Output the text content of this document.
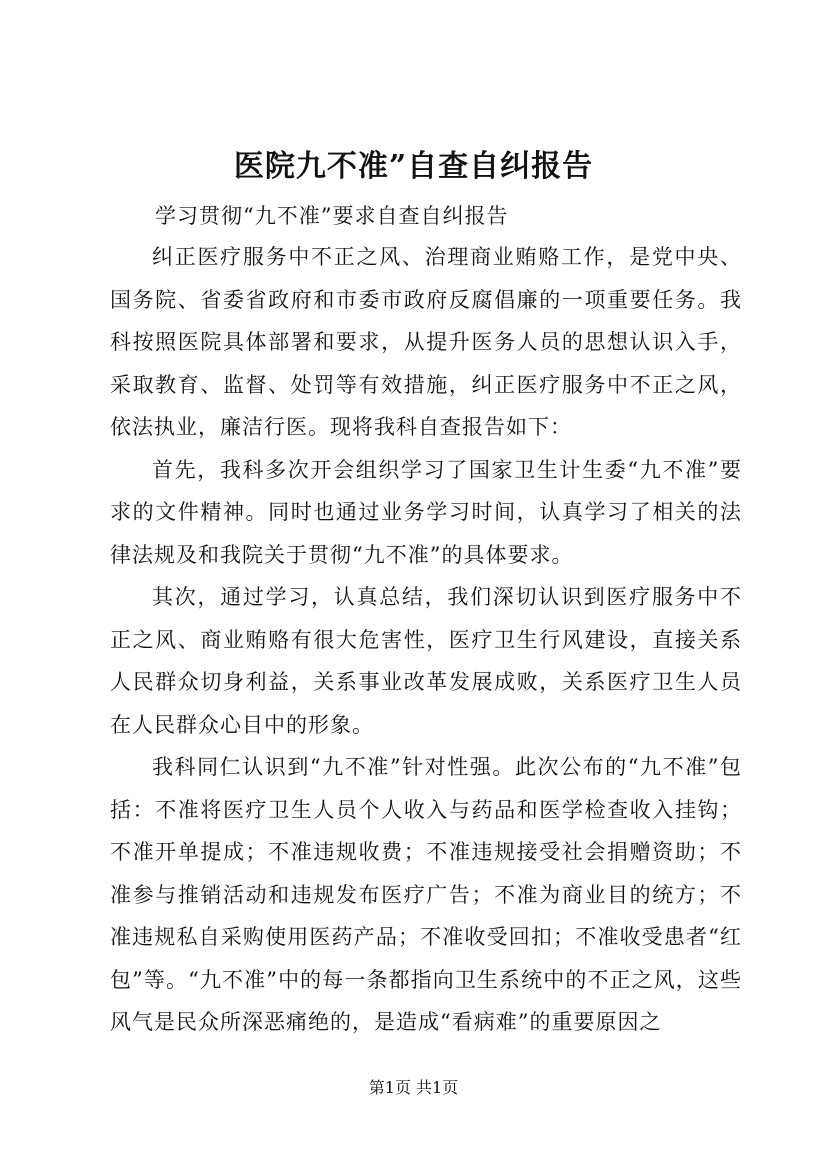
医院九不准”自查自纠报告
学习贯彻“九不准”要求自查自纠报告

纠正医疗服务中不正之风、治理商业贿赂工作，是党中央、国务院、省委省政府和市委市政府反腐倡廉的一项重要任务。我科按照医院具体部署和要求，从提升医务人员的思想认识入手，采取教育、监督、处罚等有效措施，纠正医疗服务中不正之风，依法执业，廉洁行医。现将我科自查报告如下：

首先，我科多次开会组织学习了国家卫生计生委“九不准”要求的文件精神。同时也通过业务学习时间，认真学习了相关的法律法规及和我院关于贯彻“九不准”的具体要求。

其次，通过学习，认真总结，我们深切认识到医疗服务中不正之风、商业贿赂有很大危害性，医疗卫生行风建设，直接关系人民群众切身利益，关系事业改革发展成败，关系医疗卫生人员在人民群众心目中的形象。

我科同仁认识到“九不准”针对性强。此次公布的“九不准”包括：不准将医疗卫生人员个人收入与药品和医学检查收入挂钩；不准开单提成；不准违规收费；不准违规接受社会捐赠资助；不准参与推销活动和违规发布医疗广告；不准为商业目的统方；不准违规私自采购使用医药产品；不准收受回扣；不准收受患者“红包”等。“九不准”中的每一条都指向卫生系统中的不正之风，这些风气是民众所深恶痛绝的，是造成“看病难”的重要原因之

第1页 共1页
